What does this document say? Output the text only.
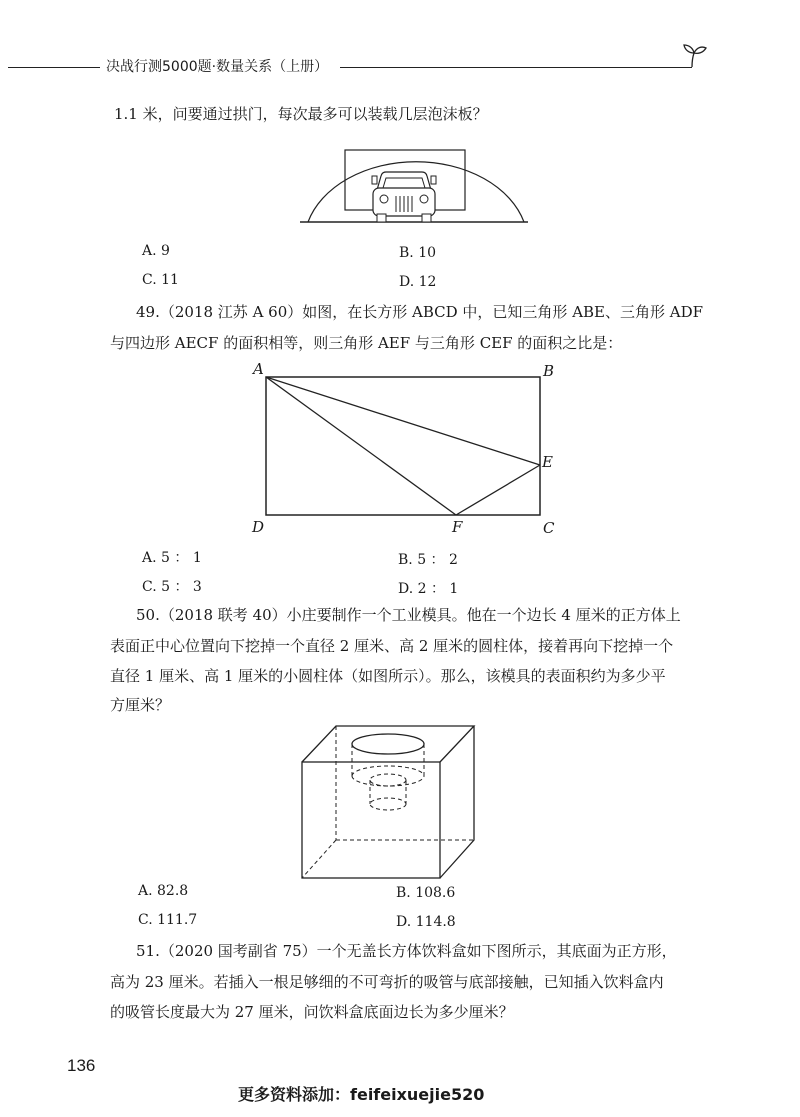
决战行测5000题·数量关系（上册）
1.1 米，问要通过拱门，每次最多可以装载几层泡沫板？
A. 9	B. 10
C. 11	D. 12
49.（2018 江苏 A 60）如图，在长方形 ABCD 中，已知三角形 ABE、三角形 ADF
与四边形 AECF 的面积相等，则三角形 AEF 与三角形 CEF 的面积之比是：
A	B
E
D	F	C
A. 5 ： 1	B. 5 ： 2
C. 5 ： 3	D. 2 ： 1
50.（2018 联考 40）小庄要制作一个工业模具。他在一个边长 4 厘米的正方体上
表面正中心位置向下挖掉一个直径 2 厘米、高 2 厘米的圆柱体，接着再向下挖掉一个
直径 1 厘米、高 1 厘米的小圆柱体（如图所示）。那么，该模具的表面积约为多少平
方厘米？
A. 82.8	B. 108.6
C. 111.7	D. 114.8
51.（2020 国考副省 75）一个无盖长方体饮料盒如下图所示，其底面为正方形，
高为 23 厘米。若插入一根足够细的不可弯折的吸管与底部接触，已知插入饮料盒内
的吸管长度最大为 27 厘米，问饮料盒底面边长为多少厘米？
136
更多资料添加：feifeixuejie520
